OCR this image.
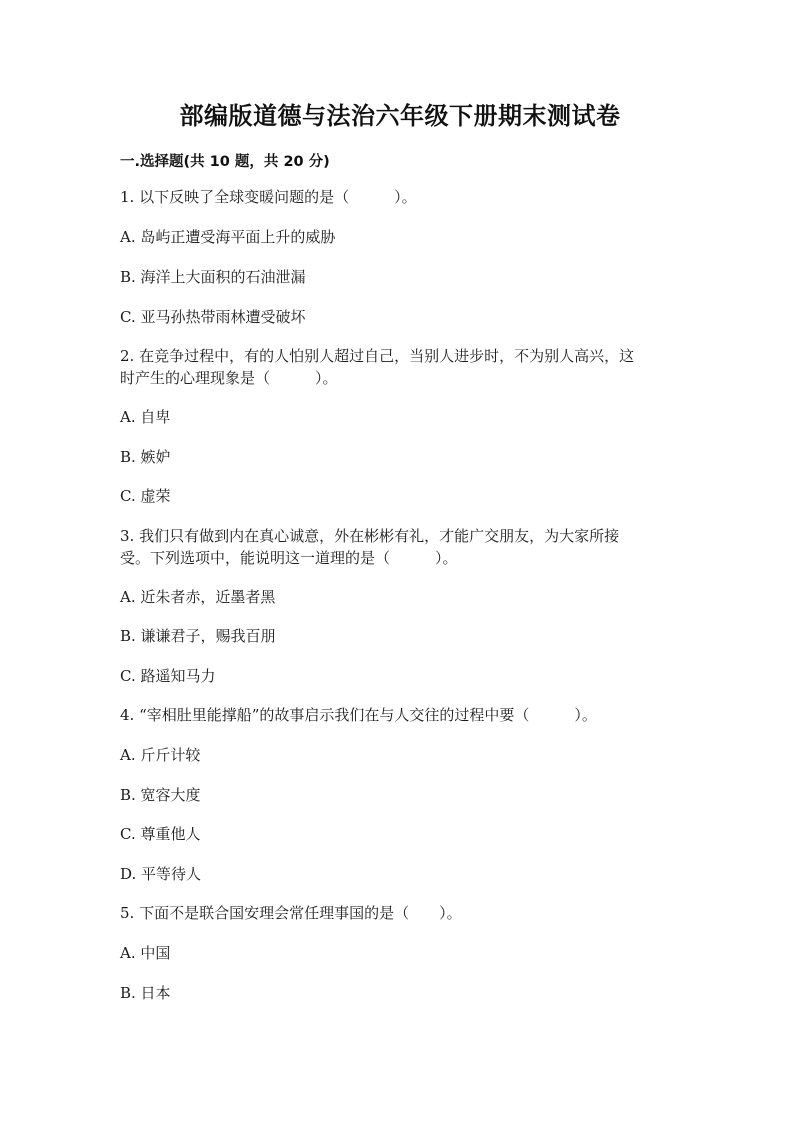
部编版道德与法治六年级下册期末测试卷
一.选择题(共 10 题，共 20 分)
1. 以下反映了全球变暖问题的是（　　　）。
A. 岛屿正遭受海平面上升的威胁
B. 海洋上大面积的石油泄漏
C. 亚马孙热带雨林遭受破坏
2. 在竞争过程中，有的人怕别人超过自己，当别人进步时，不为别人高兴，这
时产生的心理现象是（　　　）。
A. 自卑
B. 嫉妒
C. 虚荣
3. 我们只有做到内在真心诚意，外在彬彬有礼，才能广交朋友，为大家所接
受。下列选项中，能说明这一道理的是（　　　）。
A. 近朱者赤，近墨者黑
B. 谦谦君子，赐我百朋
C. 路遥知马力
4. “宰相肚里能撑船”的故事启示我们在与人交往的过程中要（　　　）。
A. 斤斤计较
B. 宽容大度
C. 尊重他人
D. 平等待人
5. 下面不是联合国安理会常任理事国的是（　　）。
A. 中国
B. 日本
